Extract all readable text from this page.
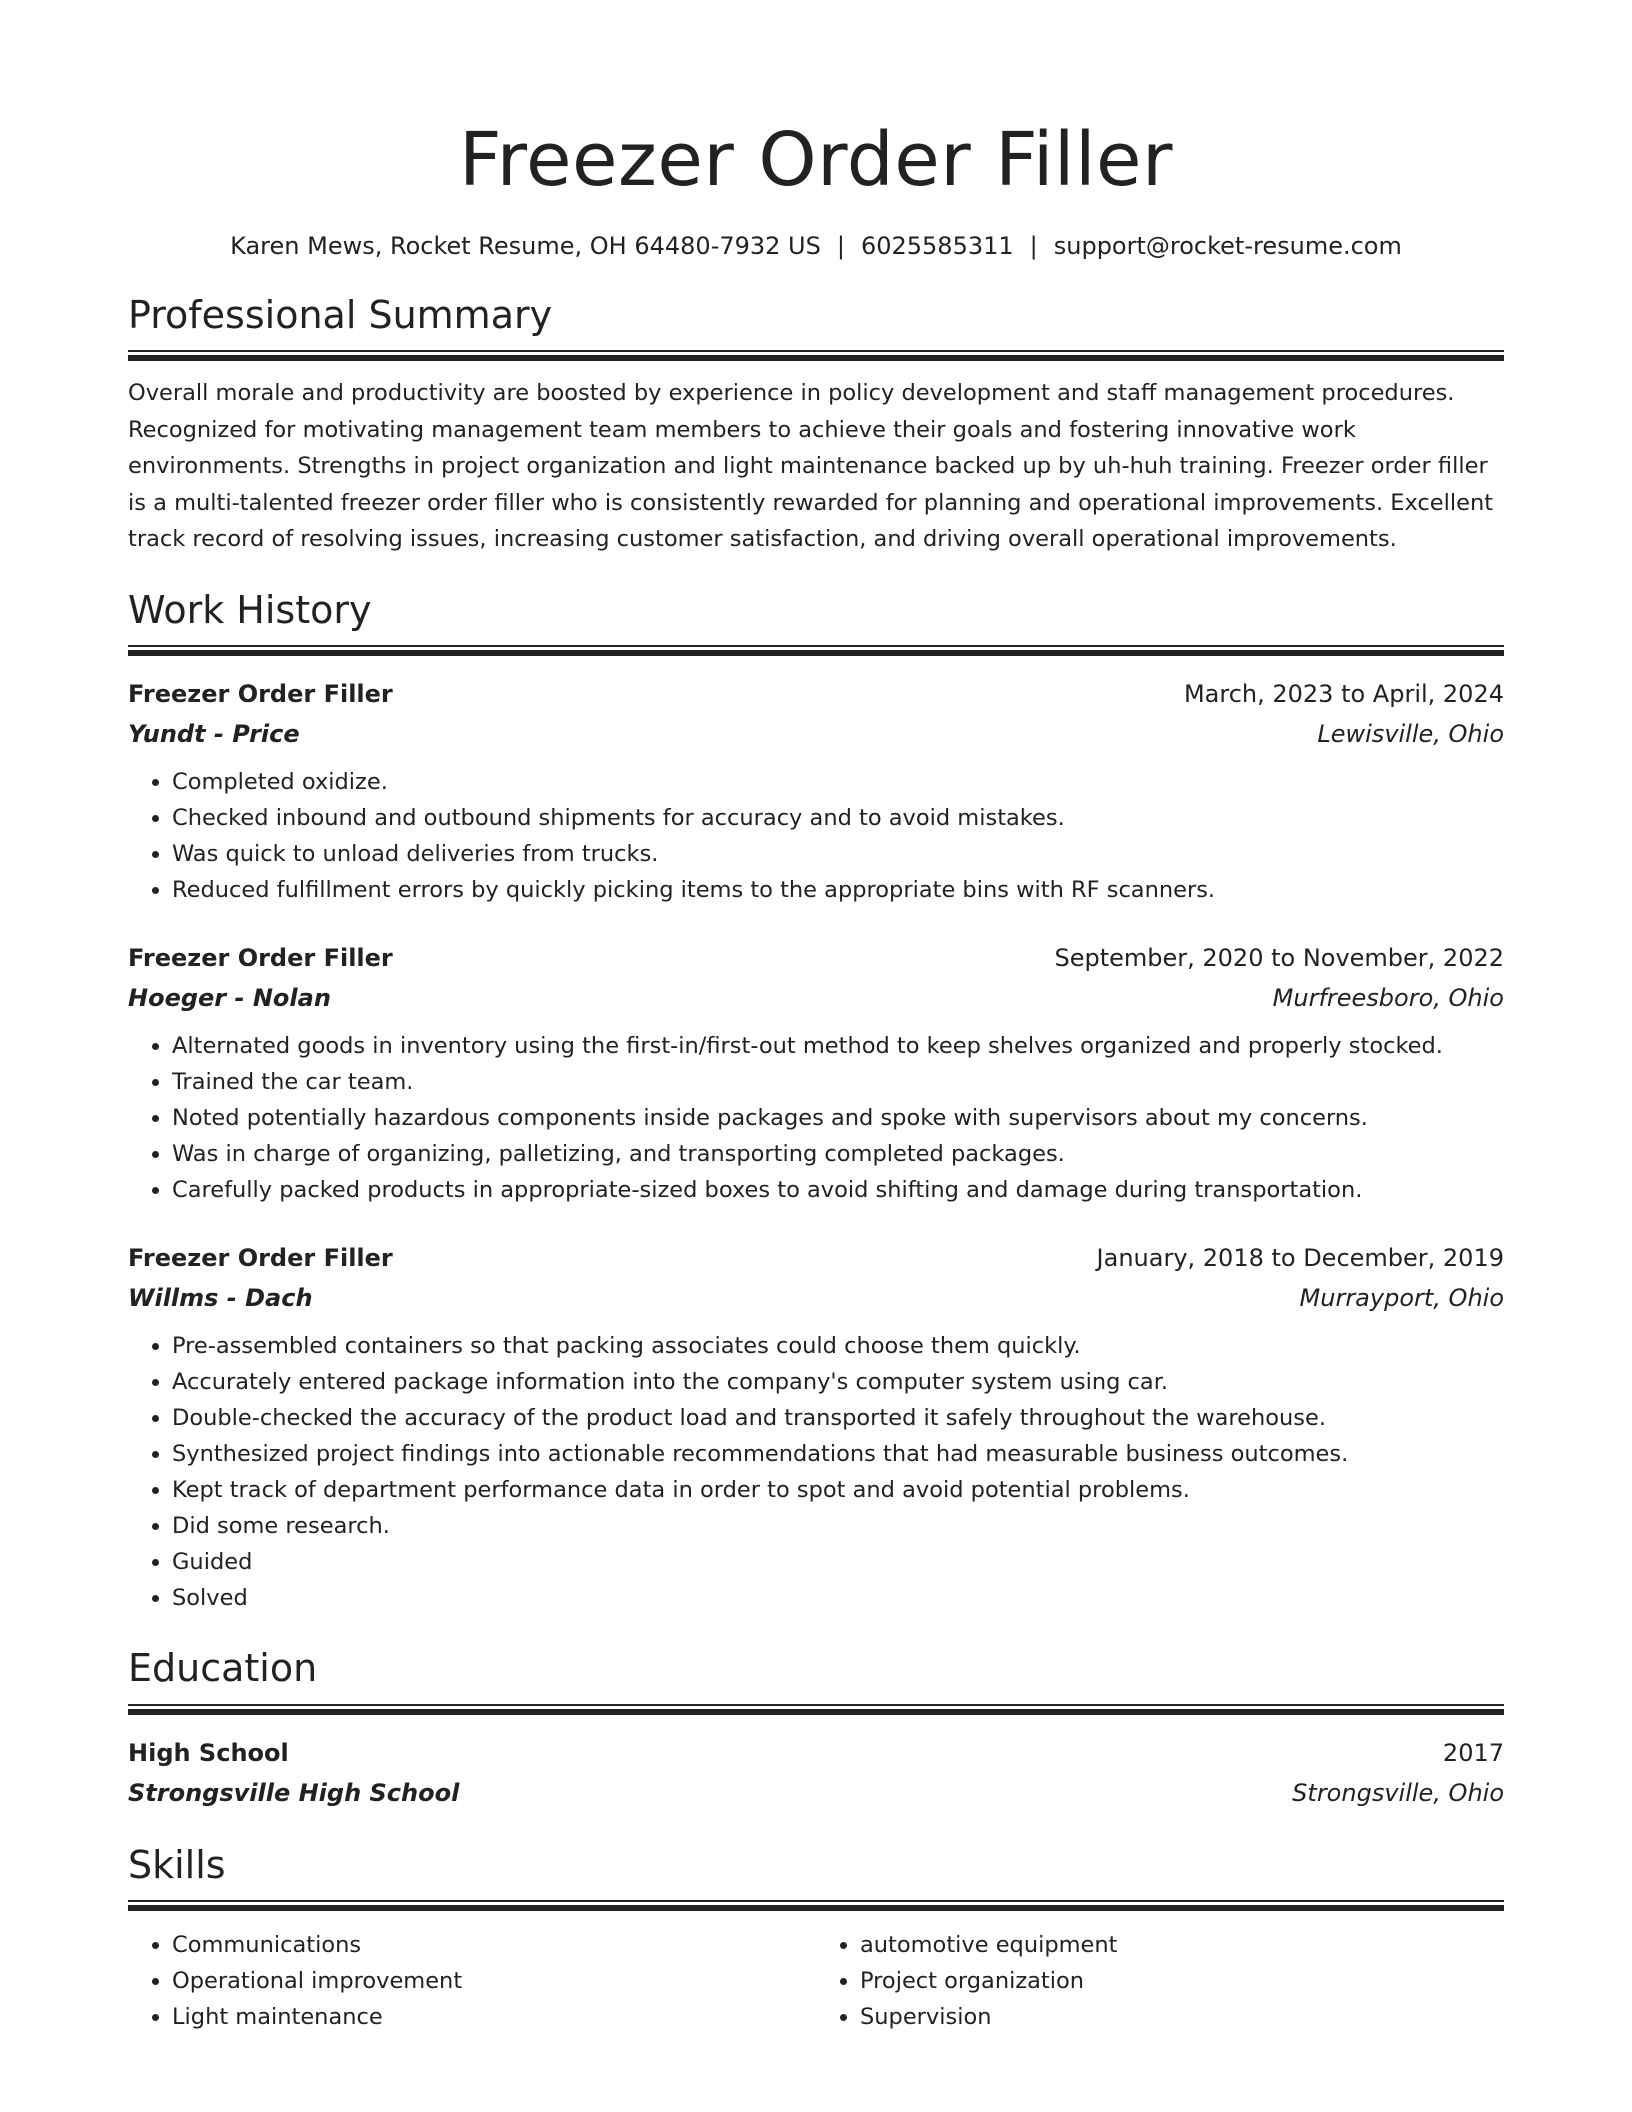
Freezer Order Filler
Karen Mews, Rocket Resume, OH 64480-7932 US | 6025585311 | support@rocket-resume.com
Professional Summary
Overall morale and productivity are boosted by experience in policy development and staff management procedures. Recognized for motivating management team members to achieve their goals and fostering innovative work environments. Strengths in project organization and light maintenance backed up by uh-huh training. Freezer order filler is a multi-talented freezer order filler who is consistently rewarded for planning and operational improvements. Excellent track record of resolving issues, increasing customer satisfaction, and driving overall operational improvements.
Work History
Freezer Order Filler	March, 2023 to April, 2024
Yundt - Price	Lewisville, Ohio
• Completed oxidize.
• Checked inbound and outbound shipments for accuracy and to avoid mistakes.
• Was quick to unload deliveries from trucks.
• Reduced fulfillment errors by quickly picking items to the appropriate bins with RF scanners.
Freezer Order Filler	September, 2020 to November, 2022
Hoeger - Nolan	Murfreesboro, Ohio
• Alternated goods in inventory using the first-in/first-out method to keep shelves organized and properly stocked.
• Trained the car team.
• Noted potentially hazardous components inside packages and spoke with supervisors about my concerns.
• Was in charge of organizing, palletizing, and transporting completed packages.
• Carefully packed products in appropriate-sized boxes to avoid shifting and damage during transportation.
Freezer Order Filler	January, 2018 to December, 2019
Willms - Dach	Murrayport, Ohio
• Pre-assembled containers so that packing associates could choose them quickly.
• Accurately entered package information into the company's computer system using car.
• Double-checked the accuracy of the product load and transported it safely throughout the warehouse.
• Synthesized project findings into actionable recommendations that had measurable business outcomes.
• Kept track of department performance data in order to spot and avoid potential problems.
• Did some research.
• Guided
• Solved
Education
High School	2017
Strongsville High School	Strongsville, Ohio
Skills
• Communications
• Operational improvement
• Light maintenance
• automotive equipment
• Project organization
• Supervision
